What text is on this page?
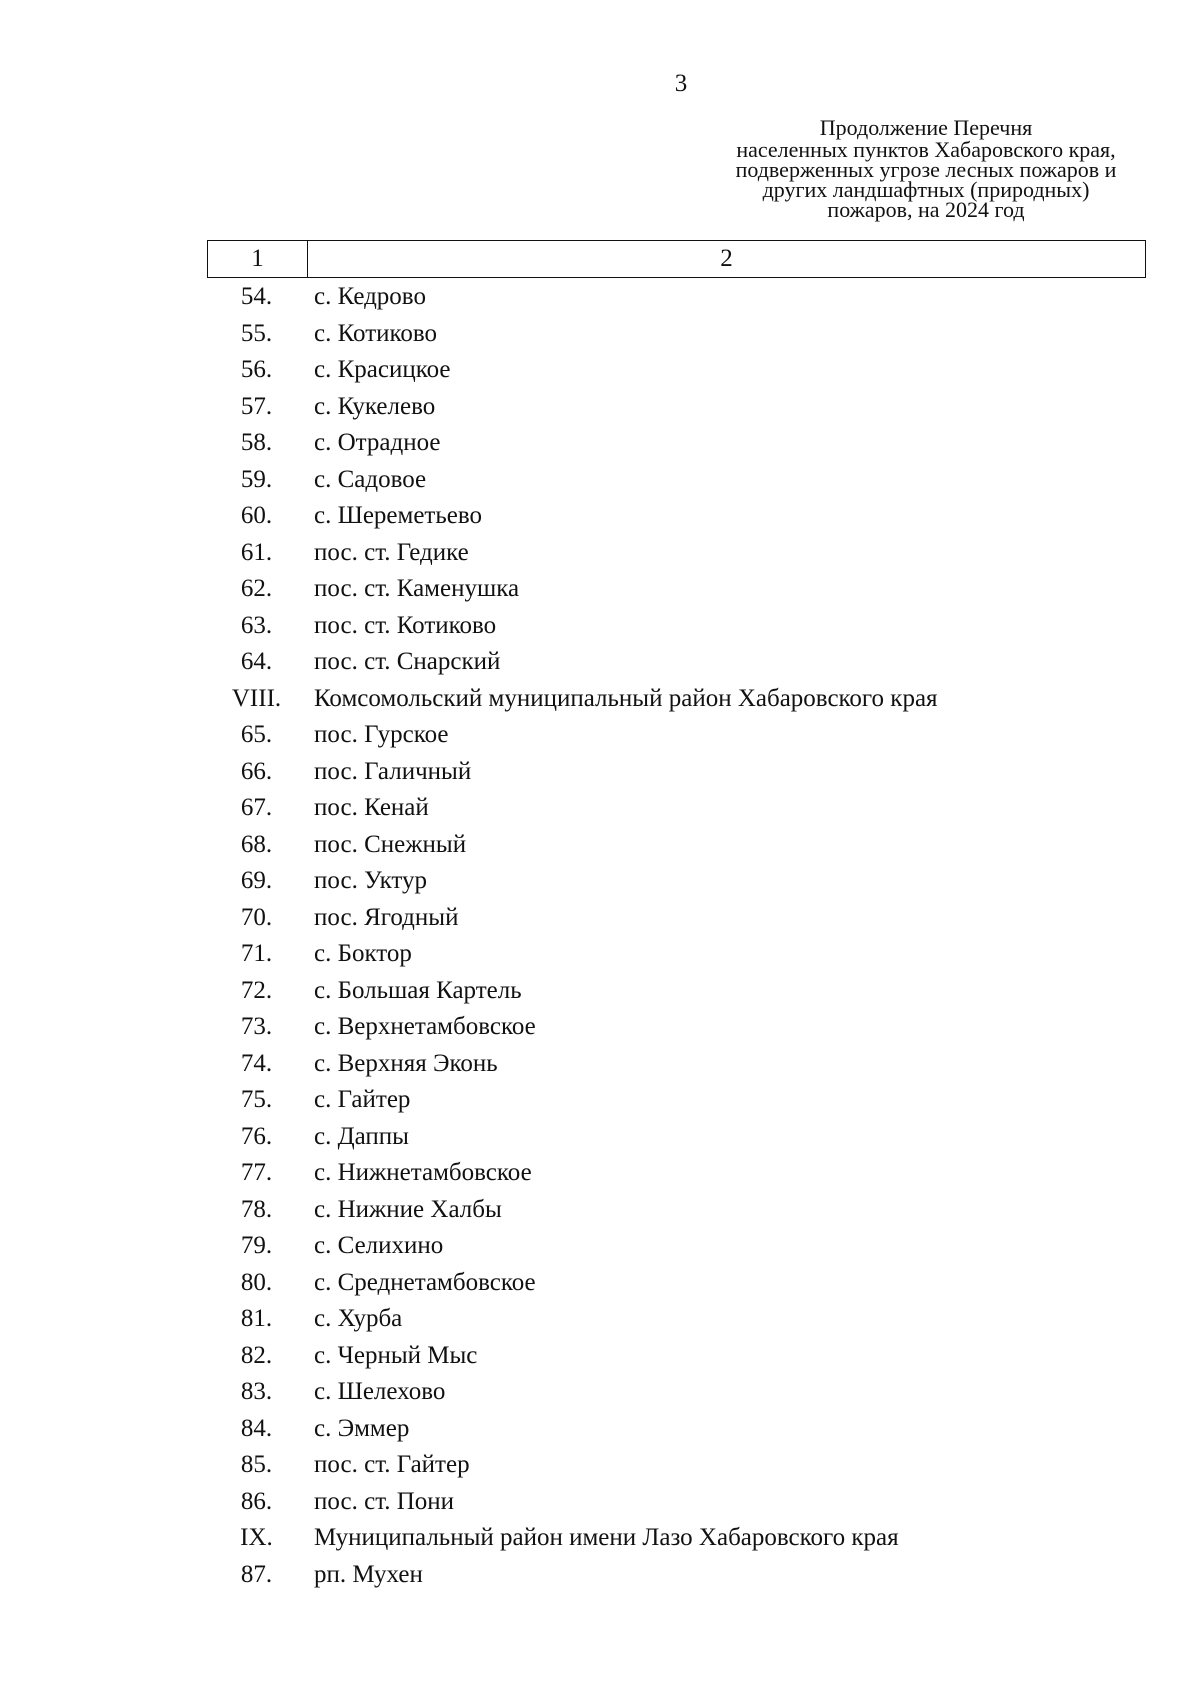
3
Продолжение Перечня
населенных пунктов Хабаровского края,
подверженных угрозе лесных пожаров и
других ландшафтных (природных)
пожаров, на 2024 год
1	2
54.	с. Кедрово
55.	с. Котиково
56.	с. Красицкое
57.	с. Кукелево
58.	с. Отрадное
59.	с. Садовое
60.	с. Шереметьево
61.	пос. ст. Гедике
62.	пос. ст. Каменушка
63.	пос. ст. Котиково
64.	пос. ст. Снарский
VIII.	Комсомольский муниципальный район Хабаровского края
65.	пос. Гурское
66.	пос. Галичный
67.	пос. Кенай
68.	пос. Снежный
69.	пос. Уктур
70.	пос. Ягодный
71.	с. Боктор
72.	с. Большая Картель
73.	с. Верхнетамбовское
74.	с. Верхняя Эконь
75.	с. Гайтер
76.	с. Даппы
77.	с. Нижнетамбовское
78.	с. Нижние Халбы
79.	с. Селихино
80.	с. Среднетамбовское
81.	с. Хурба
82.	с. Черный Мыс
83.	с. Шелехово
84.	с. Эммер
85.	пос. ст. Гайтер
86.	пос. ст. Пони
IX.	Муниципальный район имени Лазо Хабаровского края
87.	рп. Мухен
